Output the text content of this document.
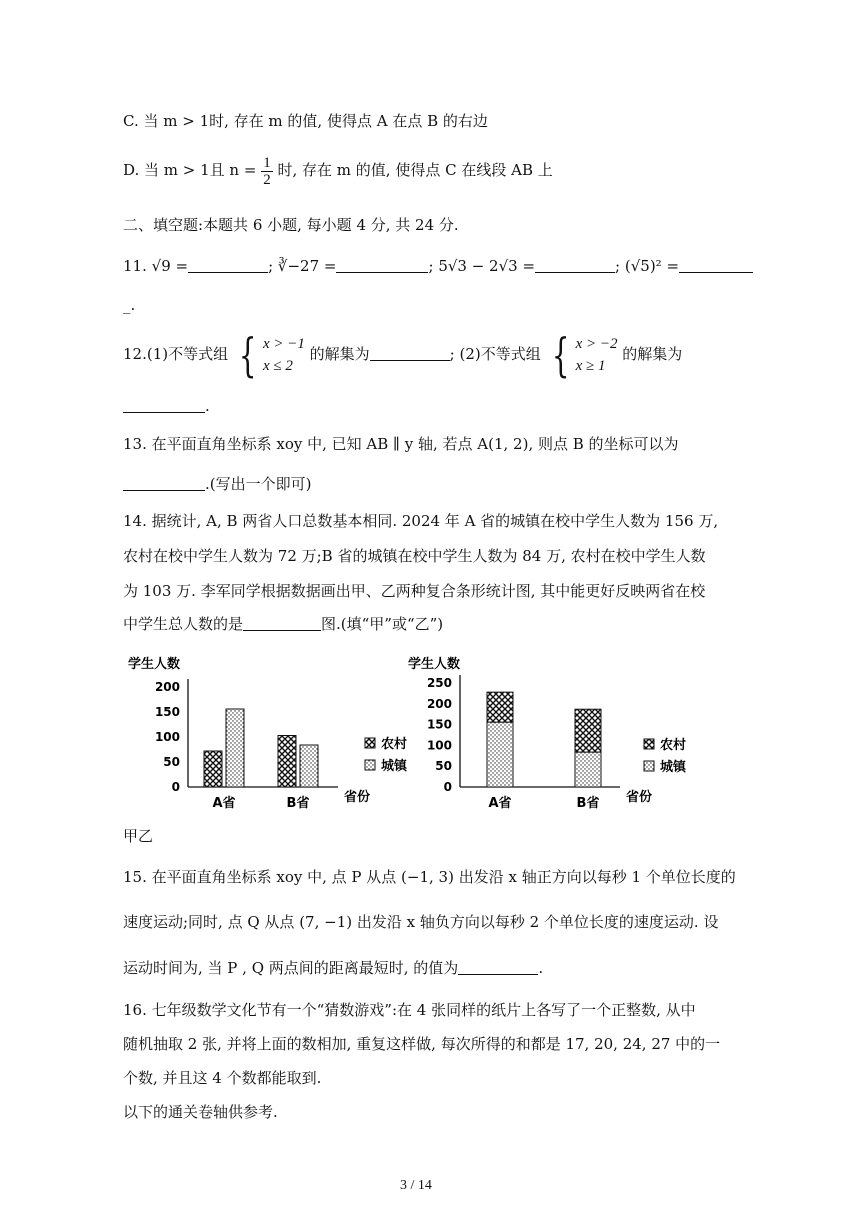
C. 当 m > 1时, 存在 m 的值, 使得点 A 在点 B 的右边
D. 当 m > 1且 $n = \frac{1}{2}$ 时, 存在 m 的值, 使得点 C 在线段 AB 上
二、填空题:本题共 6 小题, 每小题 4 分, 共 24 分.
11. √9 =	; ∛−27 =	; 5√3 − 2√3 =	; (√5)² =
_.
12.(1)不等式组 { x > −1
x ≤ 2
的解集为	; (2)不等式组 { x > −2
x ≥ 1
的解集为
.
13. 在平面直角坐标系 xoy 中, 已知 AB ∥ y 轴, 若点 A(1, 2), 则点 B 的坐标可以为
.(写出一个即可)
14. 据统计, A, B 两省人口总数基本相同. 2024 年 A 省的城镇在校中学生人数为 156 万,
农村在校中学生人数为 72 万;B 省的城镇在校中学生人数为 84 万, 农村在校中学生人数
为 103 万. 李军同学根据数据画出甲、乙两种复合条形统计图, 其中能更好反映两省在校
中学生总人数的是	图.(填“甲”或“乙”)
学生人数
0
50
100
150
200
省份
A省	B省
农村
城镇
学生人数
0
50
100
150
200
250
省份
A省	B省
农村
城镇
甲乙
15. 在平面直角坐标系 xoy 中, 点 P 从点 (−1, 3) 出发沿 x 轴正方向以每秒 1 个单位长度的
速度运动;同时, 点 Q 从点 (7, −1) 出发沿 x 轴负方向以每秒 2 个单位长度的速度运动. 设
运动时间为, 当 P , Q 两点间的距离最短时, 的值为	.
16. 七年级数学文化节有一个“猜数游戏”:在 4 张同样的纸片上各写了一个正整数, 从中
随机抽取 2 张, 并将上面的数相加, 重复这样做, 每次所得的和都是 17, 20, 24, 27 中的一
个数, 并且这 4 个数都能取到.
以下的通关卷轴供参考.
3 / 14
